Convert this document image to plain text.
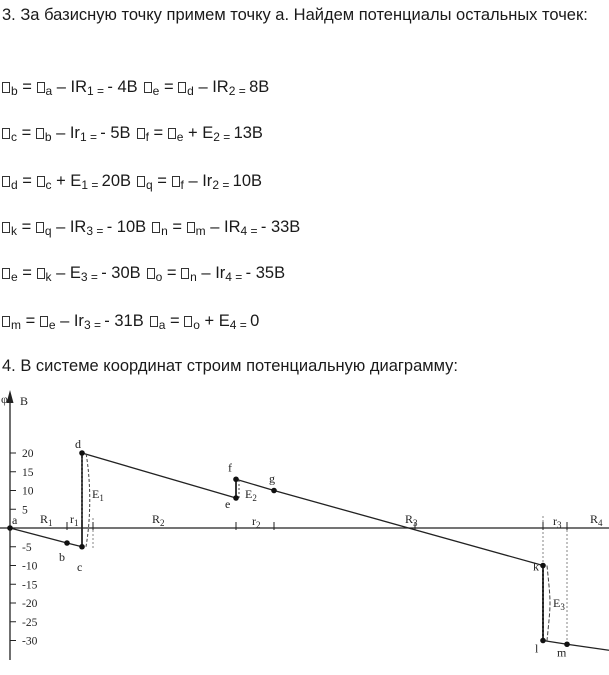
3. За базисную точку примем точку а. Найдем потенциалы остальных точек:
$_b = _a - IR_{1 =} - 4В$ $_e = _d - IR_{2 =}$ 8В
$_c = _b - Ir_{1 =} - 5В$ $_f = _e + E_{2 =}$ 13В
$_d = _c + E_{1 =}$ 20В $_q = _f - Ir_{2 =}$ 10В
$_k = _q - IR_{3 =} - 10В$ $_n = _m - IR_{4 =} - 33В$
$_e = _k - E_{3 =} - 30В$ $_o = _n - Ir_{4 =} - 35В$
$_m = _e - Ir_{3 =} - 31В$ $_a = _o + E_{4 =}$ 0
4. В системе координат строим потенциальную диаграмму:
20
15
10
5
-5
-10
-15
-20
-25
-30
φ В
a
b
c
d
e
f
g
k
l m
$R_1$ $r_1$	$R_2$	$r_2$	$R_3$	$r_3$ $R_4$
$E_1$	$E_2$
$E_3$
